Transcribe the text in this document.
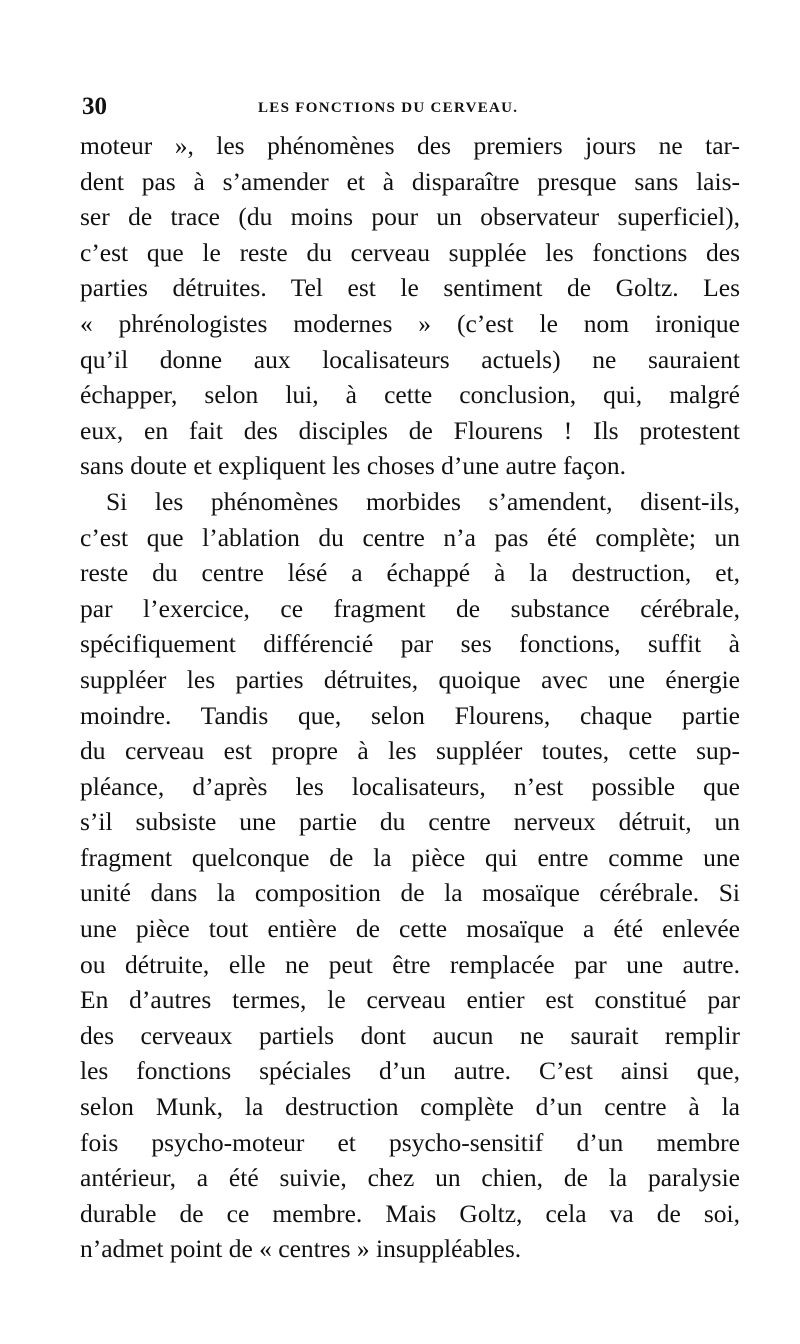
30	LES FONCTIONS DU CERVEAU.
moteur », les phénomènes des premiers jours ne tar-
dent pas à s’amender et à disparaître presque sans lais-
ser de trace (du moins pour un observateur superficiel),
c’est que le reste du cerveau supplée les fonctions des
parties détruites. Tel est le sentiment de Goltz. Les
« phrénologistes modernes » (c’est le nom ironique
qu’il donne aux localisateurs actuels) ne sauraient
échapper, selon lui, à cette conclusion, qui, malgré
eux, en fait des disciples de Flourens ! Ils protestent
sans doute et expliquent les choses d’une autre façon.
Si les phénomènes morbides s’amendent, disent-ils,
c’est que l’ablation du centre n’a pas été complète; un
reste du centre lésé a échappé à la destruction, et,
par l’exercice, ce fragment de substance cérébrale,
spécifiquement différencié par ses fonctions, suffit à
suppléer les parties détruites, quoique avec une énergie
moindre. Tandis que, selon Flourens, chaque partie
du cerveau est propre à les suppléer toutes, cette sup-
pléance, d’après les localisateurs, n’est possible que
s’il subsiste une partie du centre nerveux détruit, un
fragment quelconque de la pièce qui entre comme une
unité dans la composition de la mosaïque cérébrale. Si
une pièce tout entière de cette mosaïque a été enlevée
ou détruite, elle ne peut être remplacée par une autre.
En d’autres termes, le cerveau entier est constitué par
des cerveaux partiels dont aucun ne saurait remplir
les fonctions spéciales d’un autre. C’est ainsi que,
selon Munk, la destruction complète d’un centre à la
fois psycho-moteur et psycho-sensitif d’un membre
antérieur, a été suivie, chez un chien, de la paralysie
durable de ce membre. Mais Goltz, cela va de soi,
n’admet point de « centres » insuppléables.
